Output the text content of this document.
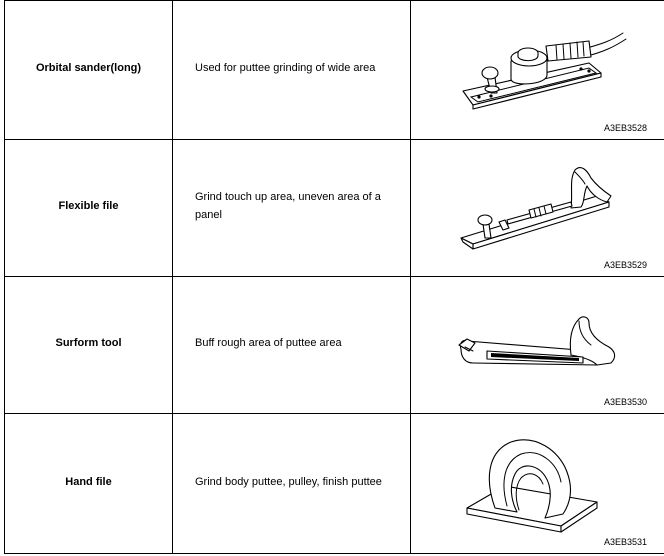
Orbital sander(long)	Used for puttee grinding of wide area	A3EB3528

Flexible file	Grind touch up area, uneven area of a panel	A3EB3529

Surform tool	Buff rough area of puttee area	A3EB3530

Hand file	Grind body puttee, pulley, finish puttee	A3EB3531
